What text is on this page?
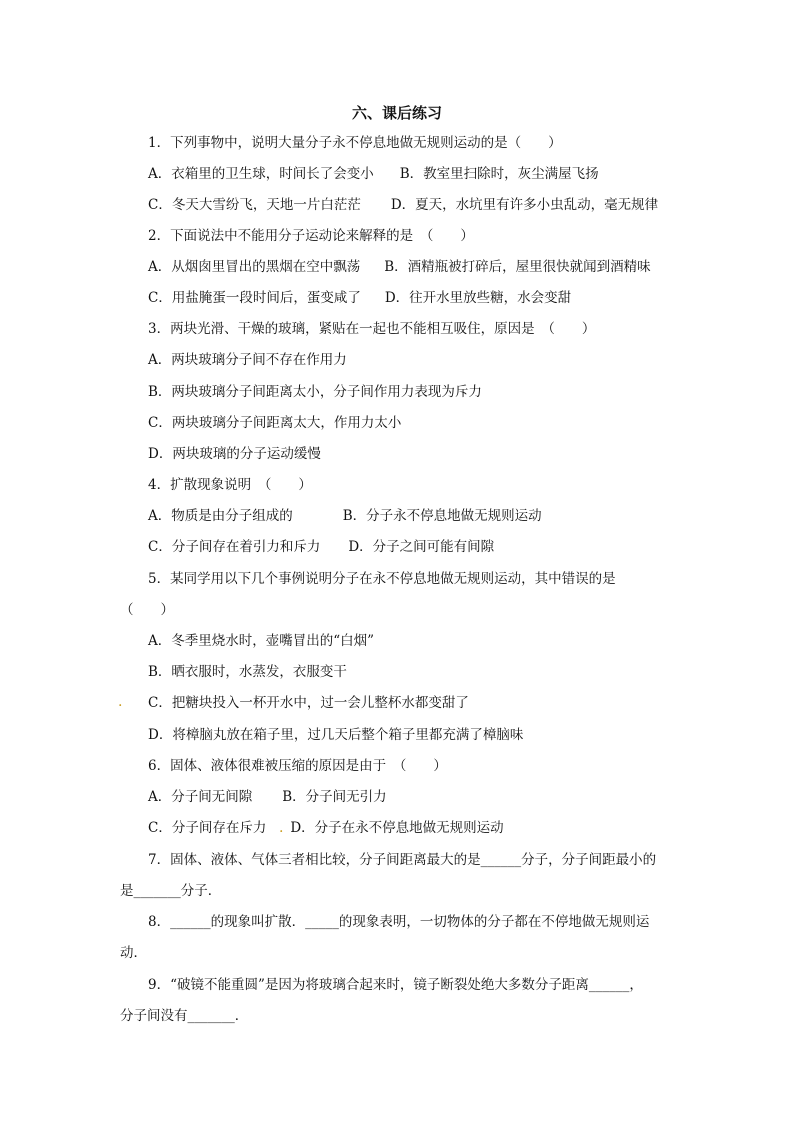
六、课后练习
1．下列事物中，说明大量分子永不停息地做无规则运动的是（　　）
A．衣箱里的卫生球，时间长了会变小 B．教室里扫除时，灰尘满屋飞扬
C．冬天大雪纷飞，天地一片白茫茫 D．夏天，水坑里有许多小虫乱动，毫无规律
2．下面说法中不能用分子运动论来解释的是　（　　）
A．从烟囱里冒出的黑烟在空中飘荡 B．酒精瓶被打碎后，屋里很快就闻到酒精味
C．用盐腌蛋一段时间后，蛋变咸了 D．往开水里放些糖，水会变甜
3．两块光滑、干燥的玻璃，紧贴在一起也不能相互吸住，原因是　（　　）
A．两块玻璃分子间不存在作用力
B．两块玻璃分子间距离太小，分子间作用力表现为斥力
C．两块玻璃分子间距离太大，作用力太小
D．两块玻璃的分子运动缓慢
4．扩散现象说明　（　　）
A．物质是由分子组成的	B．分子永不停息地做无规则运动
C．分子间存在着引力和斥力 D．分子之间可能有间隙
5．某同学用以下几个事例说明分子在永不停息地做无规则运动，其中错误的是
（　　）
A．冬季里烧水时，壶嘴冒出的“白烟”
B．晒衣服时，水蒸发，衣服变干
. C．把糖块投入一杯开水中，过一会儿整杯水都变甜了
D．将樟脑丸放在箱子里，过几天后整个箱子里都充满了樟脑味
6．固体、液体很难被压缩的原因是由于　（　　）
A．分子间无间隙 B．分子间无引力
C．分子间存在斥力 D．分子在永不停息地做无规则运动
.
7．固体、液体、气体三者相比较，分子间距离最大的是______分子，分子间距最小的
是_______分子．
8．______的现象叫扩散．_____的现象表明，一切物体的分子都在不停地做无规则运
动．
9．“破镜不能重圆”是因为将玻璃合起来时，镜子断裂处绝大多数分子距离______，
分子间没有_______．
